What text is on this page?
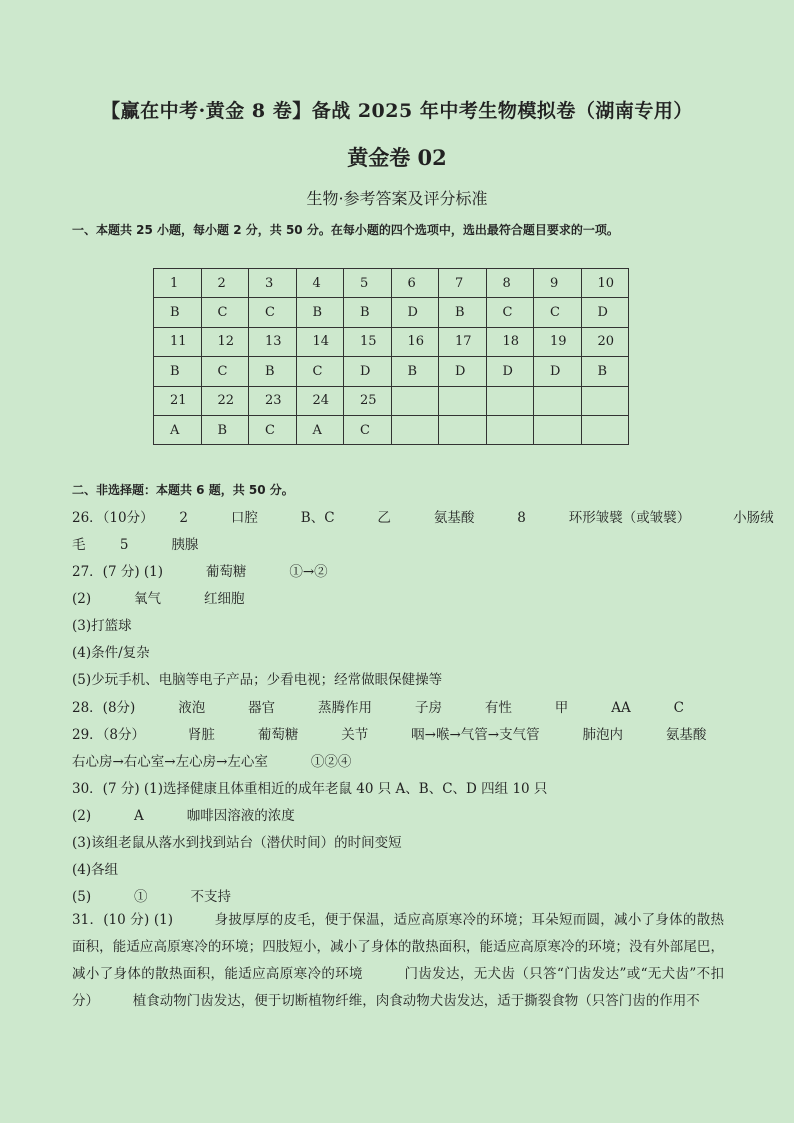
【赢在中考·黄金 8 卷】备战 2025 年中考生物模拟卷（湖南专用）
黄金卷 02
生物·参考答案及评分标准
一、本题共 25 小题，每小题 2 分，共 50 分。在每小题的四个选项中，选出最符合题目要求的一项。
1	2	3	4	5	6	7	8	9	10
B	C	C	B	B	D	B	C	C	D
11	12	13	14	15	16	17	18	19	20
B	C	B	C	D	B	D	D	D	B
21	22	23	24	25					
A	B	C	A	C					
二、非选择题：本题共 6 题，共 50 分。
26．（10分）      2          口腔          B、C          乙          氨基酸          8          环形皱襞（或皱襞）          小肠绒
毛        5          胰腺
27．(7 分) (1)          葡萄糖          ①→②
(2)          氧气          红细胞
(3)打篮球
(4)条件/复杂
(5)少玩手机、电脑等电子产品；少看电视；经常做眼保健操等
28．(8分)          液泡          器官          蒸腾作用          子房          有性          甲          AA          C
29．（8分）          肾脏          葡萄糖          关节          咽→喉→气管→支气管          肺泡内          氨基酸
右心房→右心室→左心房→左心室          ①②④
30．(7 分) (1)选择健康且体重相近的成年老鼠 40 只 A、B、C、D 四组 10 只
(2)          A          咖啡因溶液的浓度
(3)该组老鼠从落水到找到站台（潜伏时间）的时间变短
(4)各组
(5)          ①          不支持
31．(10 分) (1)　　　身披厚厚的皮毛，便于保温，适应高原寒冷的环境；耳朵短而圆，减小了身体的散热面积，能适应高原寒冷的环境；四肢短小，减小了身体的散热面积，能适应高原寒冷的环境；没有外部尾巴，减小了身体的散热面积，能适应高原寒冷的环境　　　门齿发达，无犬齿（只答“门齿发达”或“无犬齿”不扣分）　　　植食动物门齿发达，便于切断植物纤维，肉食动物犬齿发达，适于撕裂食物（只答门齿的作用不
